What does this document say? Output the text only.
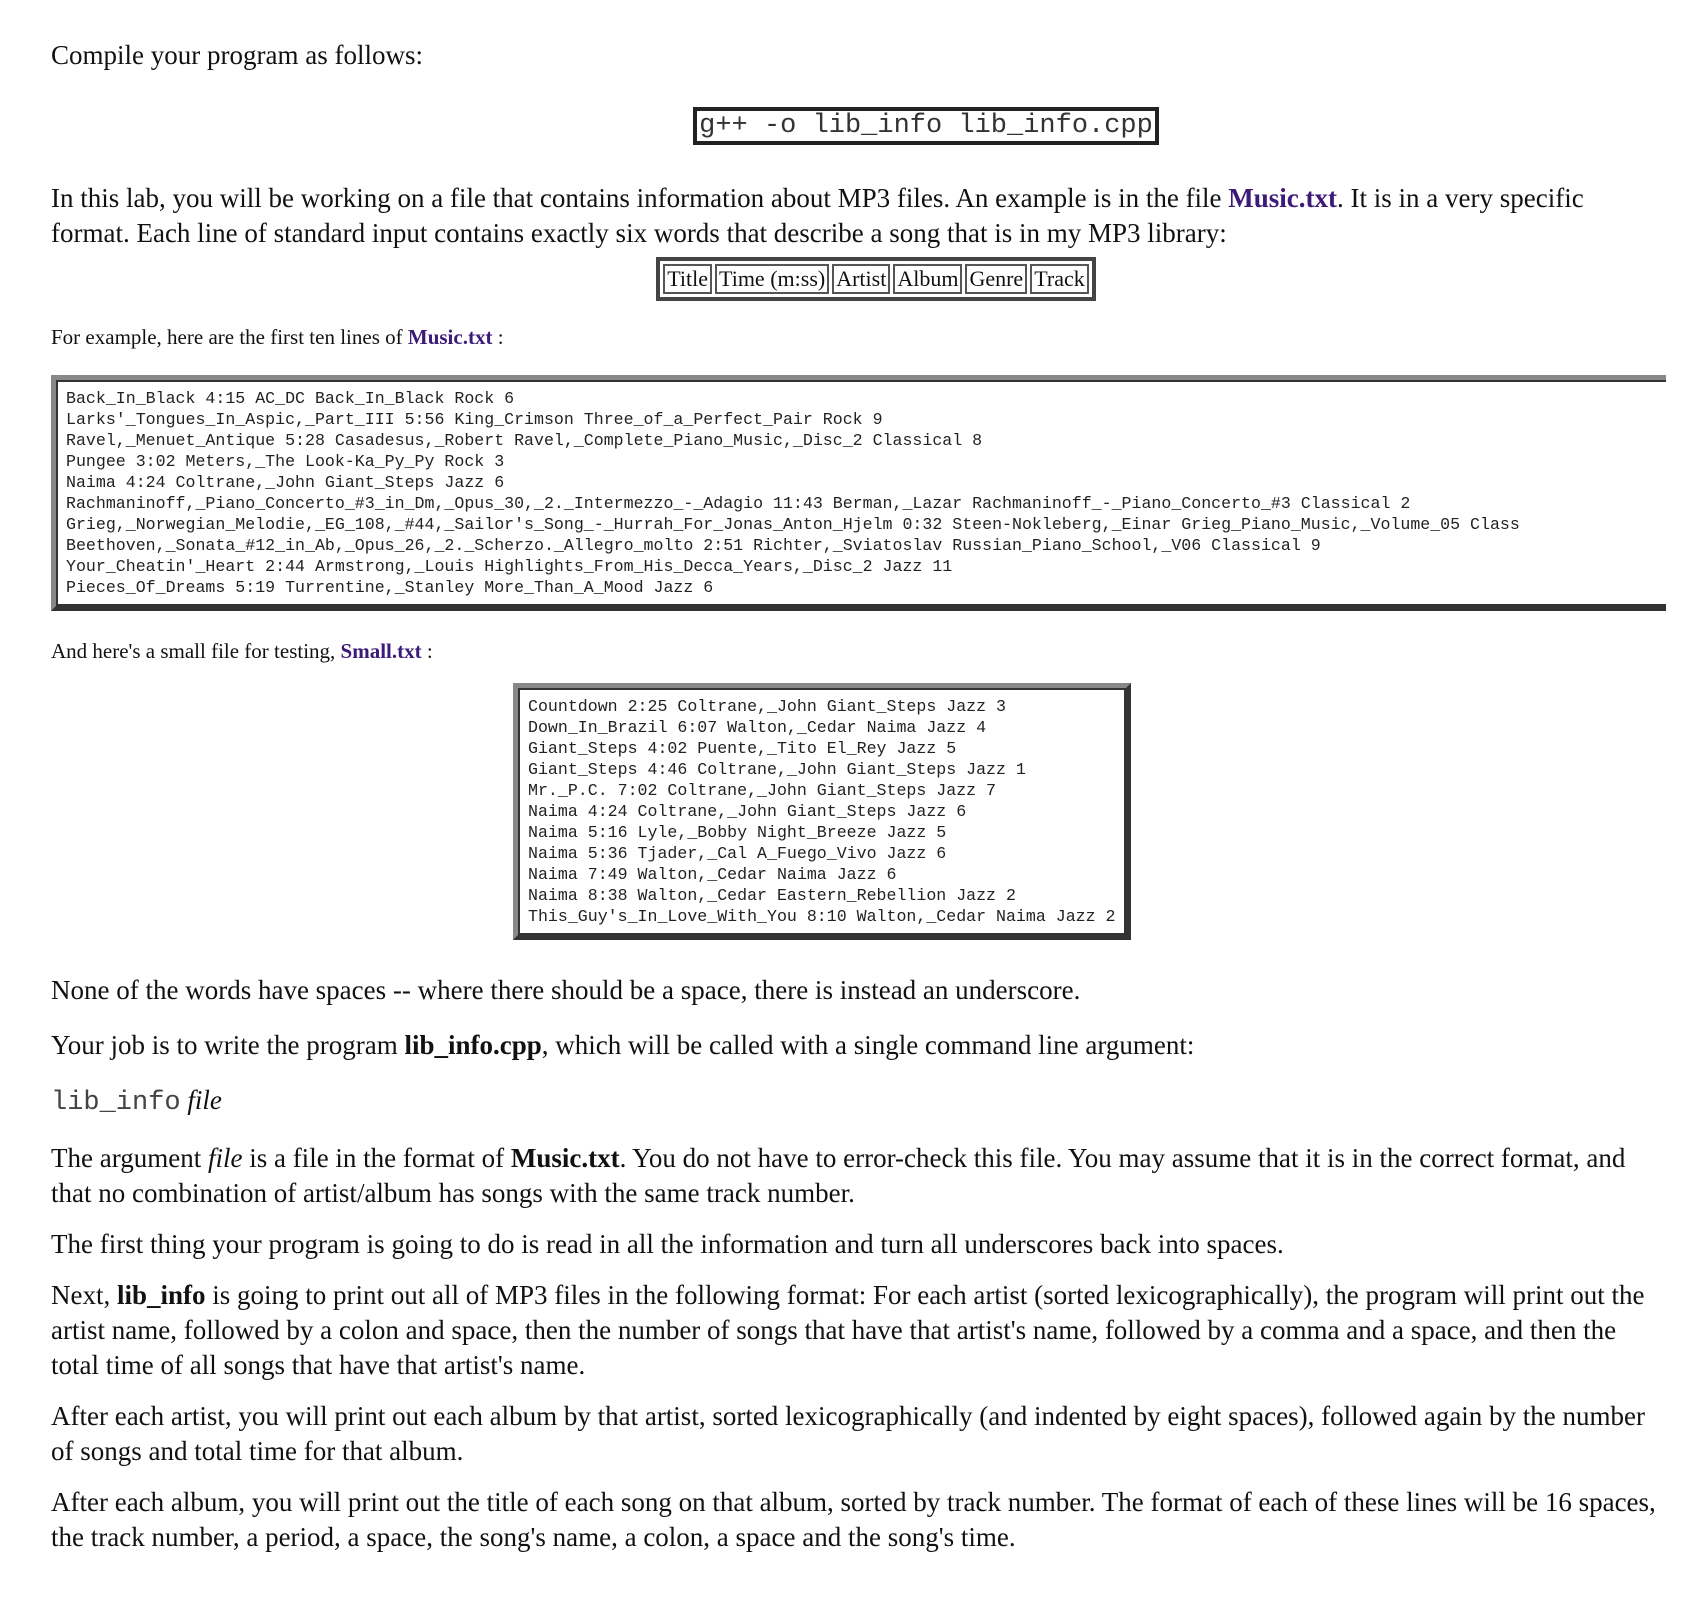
Compile your program as follows:

g++ -o lib_info lib_info.cpp

In this lab, you will be working on a file that contains information about MP3 files. An example is in the file Music.txt. It is in a very specific format. Each line of standard input contains exactly six words that describe a song that is in my MP3 library:

Title Time (m:ss) Artist Album Genre Track

For example, here are the first ten lines of Music.txt :

Back_In_Black 4:15 AC_DC Back_In_Black Rock 6
Larks'_Tongues_In_Aspic,_Part_III 5:56 King_Crimson Three_of_a_Perfect_Pair Rock 9
Ravel,_Menuet_Antique 5:28 Casadesus,_Robert Ravel,_Complete_Piano_Music,_Disc_2 Classical 8
Pungee 3:02 Meters,_The Look-Ka_Py_Py Rock 3
Naima 4:24 Coltrane,_John Giant_Steps Jazz 6
Rachmaninoff,_Piano_Concerto_#3_in_Dm,_Opus_30,_2._Intermezzo_-_Adagio 11:43 Berman,_Lazar Rachmaninoff_-_Piano_Concerto_#3 Classical 2
Grieg,_Norwegian_Melodie,_EG_108,_#44,_Sailor's_Song_-_Hurrah_For_Jonas_Anton_Hjelm 0:32 Steen-Nokleberg,_Einar Grieg_Piano_Music,_Volume_05 Class
Beethoven,_Sonata_#12_in_Ab,_Opus_26,_2._Scherzo._Allegro_molto 2:51 Richter,_Sviatoslav Russian_Piano_School,_V06 Classical 9
Your_Cheatin'_Heart 2:44 Armstrong,_Louis Highlights_From_His_Decca_Years,_Disc_2 Jazz 11
Pieces_Of_Dreams 5:19 Turrentine,_Stanley More_Than_A_Mood Jazz 6

And here's a small file for testing, Small.txt :

Countdown 2:25 Coltrane,_John Giant_Steps Jazz 3
Down_In_Brazil 6:07 Walton,_Cedar Naima Jazz 4
Giant_Steps 4:02 Puente,_Tito El_Rey Jazz 5
Giant_Steps 4:46 Coltrane,_John Giant_Steps Jazz 1
Mr._P.C. 7:02 Coltrane,_John Giant_Steps Jazz 7
Naima 4:24 Coltrane,_John Giant_Steps Jazz 6
Naima 5:16 Lyle,_Bobby Night_Breeze Jazz 5
Naima 5:36 Tjader,_Cal A_Fuego_Vivo Jazz 6
Naima 7:49 Walton,_Cedar Naima Jazz 6
Naima 8:38 Walton,_Cedar Eastern_Rebellion Jazz 2
This_Guy's_In_Love_With_You 8:10 Walton,_Cedar Naima Jazz 2

None of the words have spaces -- where there should be a space, there is instead an underscore.

Your job is to write the program lib_info.cpp, which will be called with a single command line argument:

lib_info file

The argument file is a file in the format of Music.txt. You do not have to error-check this file. You may assume that it is in the correct format, and that no combination of artist/album has songs with the same track number.

The first thing your program is going to do is read in all the information and turn all underscores back into spaces.

Next, lib_info is going to print out all of MP3 files in the following format: For each artist (sorted lexicographically), the program will print out the artist name, followed by a colon and space, then the number of songs that have that artist's name, followed by a comma and a space, and then the total time of all songs that have that artist's name.

After each artist, you will print out each album by that artist, sorted lexicographically (and indented by eight spaces), followed again by the number of songs and total time for that album.

After each album, you will print out the title of each song on that album, sorted by track number. The format of each of these lines will be 16 spaces, the track number, a period, a space, the song's name, a colon, a space and the song's time.
